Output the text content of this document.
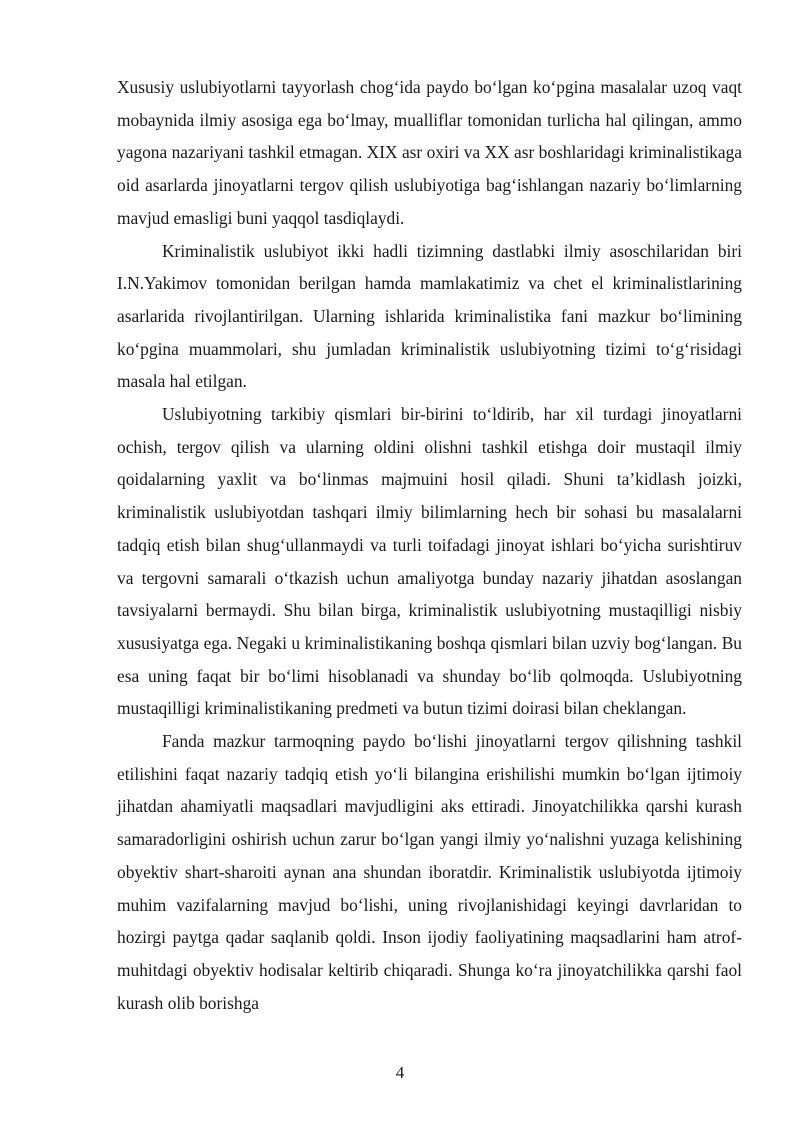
Xususiy uslubiyotlarni tayyorlash chog‘ida paydo bo‘lgan ko‘pgina masalalar uzoq vaqt mobaynida ilmiy asosiga ega bo‘lmay, mualliflar tomonidan turlicha hal qilingan, ammo yagona nazariyani tashkil etmagan. XIX asr oxiri va XX asr boshlaridagi kriminalistikaga oid asarlarda jinoyatlarni tergov qilish uslubiyotiga bag‘ishlangan nazariy bo‘limlarning mavjud emasligi buni yaqqol tasdiqlaydi.

Kriminalistik uslubiyot ikki hadli tizimning dastlabki ilmiy asoschilaridan biri I.N.Yakimov tomonidan berilgan hamda mamlakatimiz va chet el kriminalistlarining asarlarida rivojlantirilgan. Ularning ishlarida kriminalistika fani mazkur bo‘limining ko‘pgina muammolari, shu jumladan kriminalistik uslubiyotning tizimi to‘g‘risidagi masala hal etilgan.

Uslubiyotning tarkibiy qismlari bir-birini to‘ldirib, har xil turdagi jinoyatlarni ochish, tergov qilish va ularning oldini olishni tashkil etishga doir mustaqil ilmiy qoidalarning yaxlit va bo‘linmas majmuini hosil qiladi. Shuni ta’kidlash joizki, kriminalistik uslubiyotdan tashqari ilmiy bilimlarning hech bir sohasi bu masalalarni tadqiq etish bilan shug‘ullanmaydi va turli toifadagi jinoyat ishlari bo‘yicha surishtiruv va tergovni samarali o‘tkazish uchun amaliyotga bunday nazariy jihatdan asoslangan tavsiyalarni bermaydi. Shu bilan birga, kriminalistik uslubiyotning mustaqilligi nisbiy xususiyatga ega. Negaki u kriminalistikaning boshqa qismlari bilan uzviy bog‘langan. Bu esa uning faqat bir bo‘limi hisoblanadi va shunday bo‘lib qolmoqda. Uslubiyotning mustaqilligi kriminalistikaning predmeti va butun tizimi doirasi bilan cheklangan.

Fanda mazkur tarmoqning paydo bo‘lishi jinoyatlarni tergov qilishning tashkil etilishini faqat nazariy tadqiq etish yo‘li bilangina erishilishi mumkin bo‘lgan ijtimoiy jihatdan ahamiyatli maqsadlari mavjudligini aks ettiradi. Jinoyatchilikka qarshi kurash samaradorligini oshirish uchun zarur bo‘lgan yangi ilmiy yo‘nalishni yuzaga kelishining obyektiv shart-sharoiti aynan ana shundan iboratdir. Kriminalistik uslubiyotda ijtimoiy muhim vazifalarning mavjud bo‘lishi, uning rivojlanishidagi keyingi davrlaridan to hozirgi paytga qadar saqlanib qoldi. Inson ijodiy faoliyatining maqsadlarini ham atrof-muhitdagi obyektiv hodisalar keltirib chiqaradi. Shunga ko‘ra jinoyatchilikka qarshi faol kurash olib borishga

4
